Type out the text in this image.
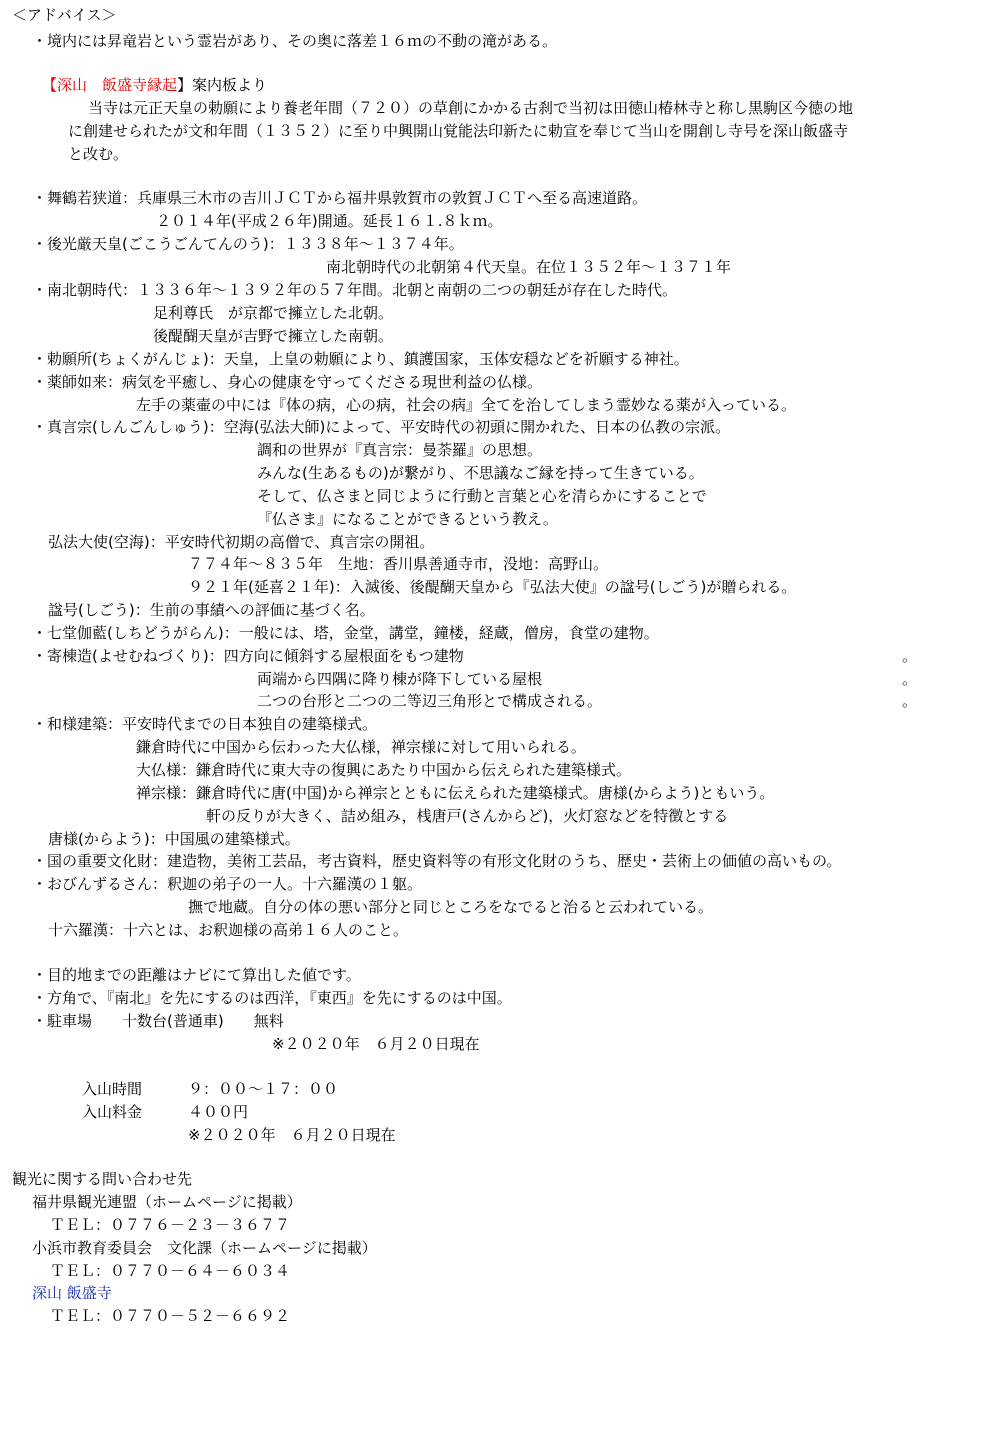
＜アドバイス＞
・境内には昇竜岩という霊岩があり、その奥に落差１６ｍの不動の滝がある。
【深山　飯盛寺縁起】案内板より
当寺は元正天皇の勅願により養老年間（７２０）の草創にかかる古刹で当初は田徳山椿林寺と称し黒駒区今徳の地
に創建せられたが文和年間（１３５２）に至り中興開山覚能法印新たに勅宣を奉じて当山を開創し寺号を深山飯盛寺
と改む。
・舞鶴若狭道：兵庫県三木市の吉川ＪＣＴから福井県敦賀市の敦賀ＪＣＴへ至る高速道路。
２０１４年(平成２６年)開通。延長１６１.８ｋｍ。
・後光厳天皇(ごこうごんてんのう)：１３３８年～１３７４年。
南北朝時代の北朝第４代天皇。在位１３５２年～１３７１年
・南北朝時代：１３３６年～１３９２年の５７年間。北朝と南朝の二つの朝廷が存在した時代。
足利尊氏　が京都で擁立した北朝。
後醍醐天皇が吉野で擁立した南朝。
・勅願所(ちょくがんじょ)：天皇，上皇の勅願により、鎮護国家，玉体安穏などを祈願する神社。
・薬師如来：病気を平癒し、身心の健康を守ってくださる現世利益の仏様。
左手の薬壷の中には『体の病，心の病，社会の病』全てを治してしまう霊妙なる薬が入っている。
・真言宗(しんごんしゅう)：空海(弘法大師)によって、平安時代の初頭に開かれた、日本の仏教の宗派。
調和の世界が『真言宗：曼荼羅』の思想。
みんな(生あるもの)が繋がり、不思議なご縁を持って生きている。
そして、仏さまと同じように行動と言葉と心を清らかにすることで
『仏さま』になることができるという教え。
弘法大使(空海)：平安時代初期の高僧で、真言宗の開祖。
７７４年～８３５年　生地：香川県善通寺市，没地：高野山。
９２１年(延喜２１年)：入滅後、後醍醐天皇から『弘法大使』の諡号(しごう)が贈られる。
諡号(しごう)：生前の事績への評価に基づく名。
・七堂伽藍(しちどうがらん)：一般には、塔，金堂，講堂，鐘楼，経蔵，僧房，食堂の建物。
・寄棟造(よせむねづくり)：四方向に傾斜する屋根面をもつ建物
両端から四隅に降り棟が降下している屋根
二つの台形と二つの二等辺三角形とで構成される。
。
。
。
・和様建築：平安時代までの日本独自の建築様式。
鎌倉時代に中国から伝わった大仏様，禅宗様に対して用いられる。
大仏様：鎌倉時代に東大寺の復興にあたり中国から伝えられた建築様式。
禅宗様：鎌倉時代に唐(中国)から禅宗とともに伝えられた建築様式。唐様(からよう)ともいう。
軒の反りが大きく、詰め組み，桟唐戸(さんからど)，火灯窓などを特徴とする
唐様(からよう)：中国風の建築様式。
・国の重要文化財：建造物，美術工芸品，考古資料，歴史資料等の有形文化財のうち、歴史・芸術上の価値の高いもの。
・おびんずるさん：釈迦の弟子の一人。十六羅漢の１躯。
撫で地蔵。自分の体の悪い部分と同じところをなでると治ると云われている。
十六羅漢：十六とは、お釈迦様の高弟１６人のこと。
・目的地までの距離はナビにて算出した値です。
・方角で、『南北』を先にするのは西洋，『東西』を先にするのは中国。
・駐車場　　十数台(普通車)　　無料
※２０２０年　６月２０日現在
入山時間	９：００～１７：００
入山料金	４００円
※２０２０年　６月２０日現在
観光に関する問い合わせ先
福井県観光連盟（ホームページに掲載）
ＴＥＬ：０７７６－２３－３６７７
小浜市教育委員会　文化課（ホームページに掲載）
ＴＥＬ：０７７０－６４－６０３４
深山 飯盛寺
ＴＥＬ：０７７０－５２－６６９２
